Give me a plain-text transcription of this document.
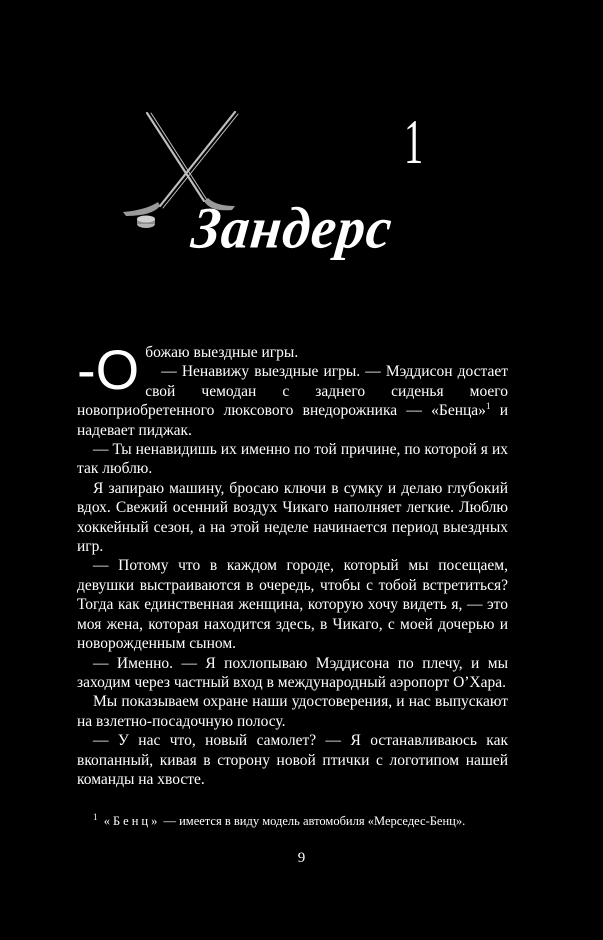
1
Зандерс

-О божаю выездные игры.

— Ненавижу выездные игры. — Мэддисон достает свой чемодан с заднего сиденья моего новоприобретенного люксового внедорожника — «Бенца»$^1$ и надевает пиджак.

— Ты ненавидишь их именно по той причине, по которой я их так люблю.

Я запираю машину, бросаю ключи в сумку и делаю глубокий вдох. Свежий осенний воздух Чикаго наполняет легкие. Люблю хоккейный сезон, а на этой неделе начинается период выездных игр.

— Потому что в каждом городе, который мы посещаем, девушки выстраиваются в очередь, чтобы с тобой встретиться? Тогда как единственная женщина, которую хочу видеть я, — это моя жена, которая находится здесь, в Чикаго, с моей дочерью и новорожденным сыном.

— Именно. — Я похлопываю Мэддисона по плечу, и мы заходим через частный вход в международный аэропорт О’Хара.

Мы показываем охране наши удостоверения, и нас выпускают на взлетно-посадочную полосу.

— У нас что, новый самолет? — Я останавливаюсь как вкопанный, кивая в сторону новой птички с логотипом нашей команды на хвосте.

$^1$ «Бенц» — имеется в виду модель автомобиля «Мерседес-Бенц».
9
